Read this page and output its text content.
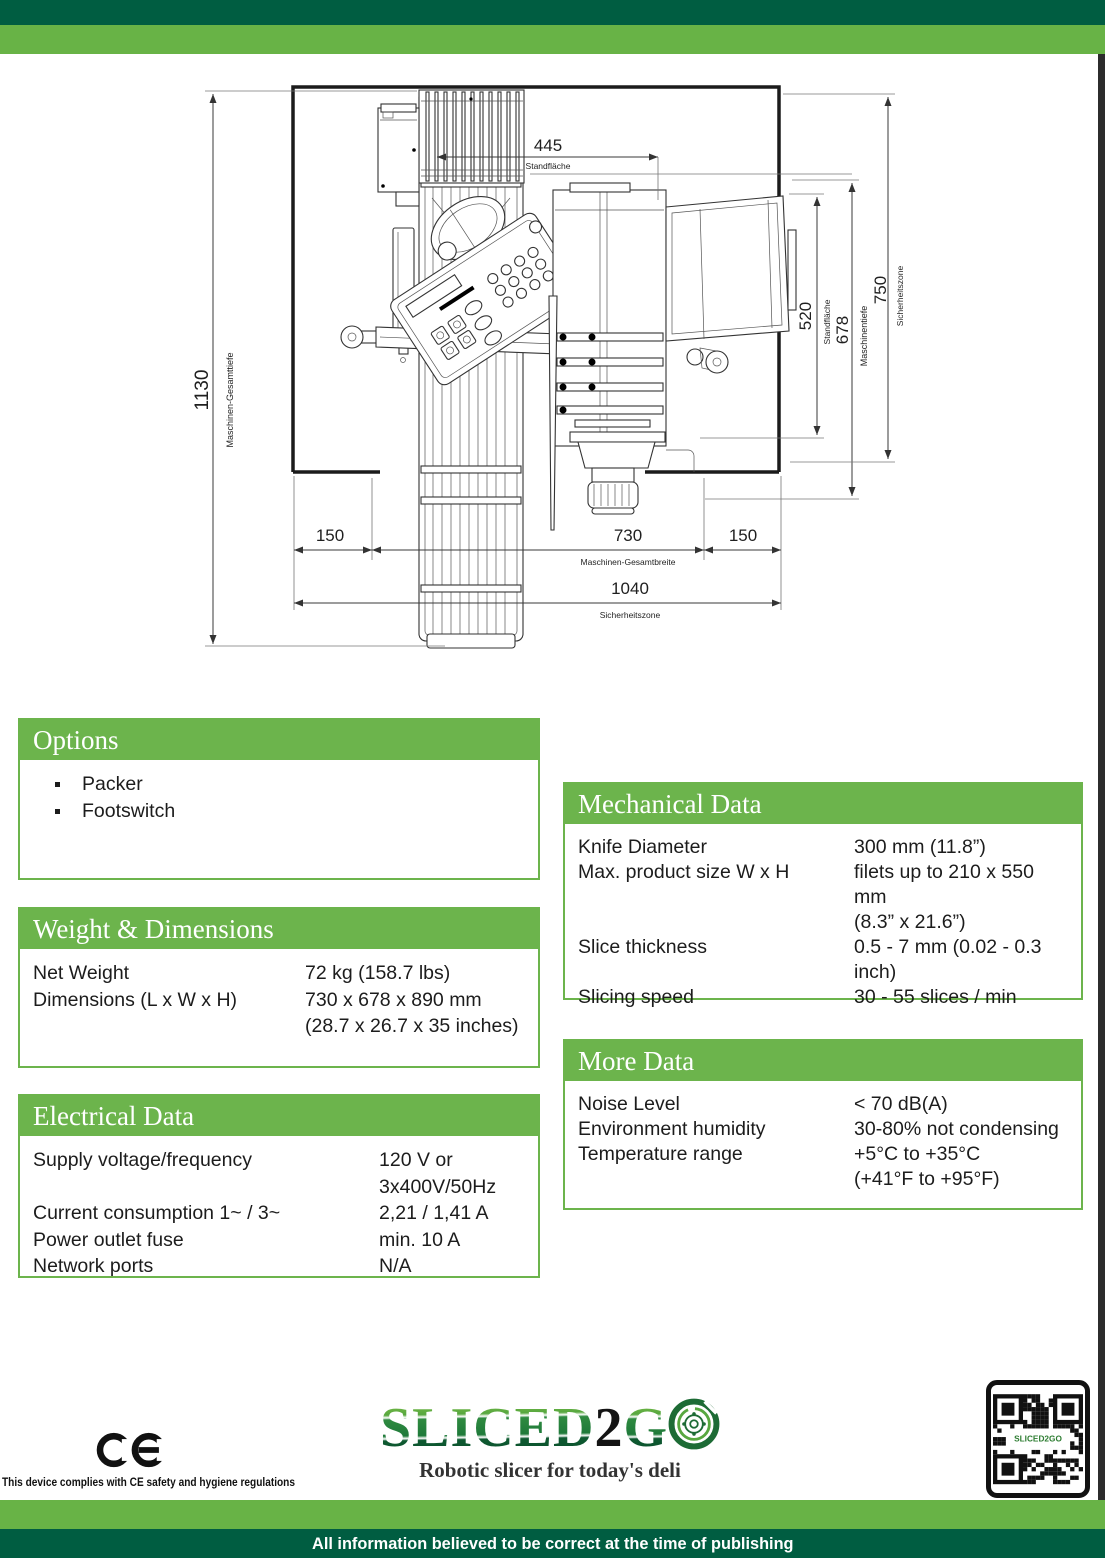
1130 Maschinen-Gesamttiefe
445
Standfläche
520 Standfläche 678 Maschinentiefe
750 Sicherheitszone
150	730	150
Maschinen-Gesamtbreite
1040
Sicherheitszone
Options
Packer
Footswitch
Weight & Dimensions
Net Weight	72 kg (158.7 lbs)
Dimensions (L x W x H)	730 x 678 x 890 mm
(28.7 x 26.7 x 35 inches)
Electrical Data
Supply voltage/frequency	120 V or
3x400V/50Hz
Current consumption 1~ / 3~	2,21 / 1,41 A
Power outlet fuse	min. 10 A
Network ports	N/A
Mechanical Data
Knife Diameter	300 mm (11.8”)
Max. product size W x H	filets up to 210 x 550 mm
(8.3” x 21.6”)
Slice thickness	0.5 - 7 mm (0.02 - 0.3 inch)
Slicing speed	30 - 55 slices / min
More Data
Noise Level	< 70 dB(A)
Environment humidity	30-80% not condensing
Temperature range	+5°C to +35°C
(+41°F to +95°F)
This device complies with CE safety and hygiene regulations
SLICED2G
Robotic slicer for today's deli
SLICED2GO
All information believed to be correct at the time of publishing
